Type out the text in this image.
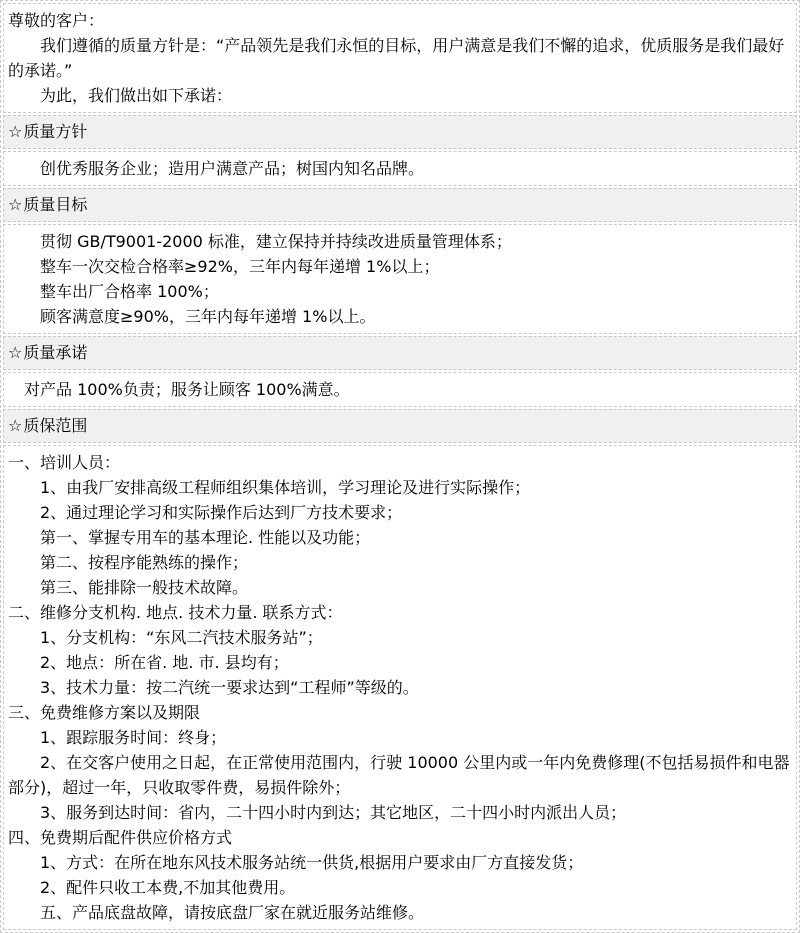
尊敬的客户：
我们遵循的质量方针是：“产品领先是我们永恒的目标，用户满意是我们不懈的追求，优质服务是我们最好的承诺。”
为此，我们做出如下承诺：
☆质量方针
创优秀服务企业；造用户满意产品；树国内知名品牌。
☆质量目标
贯彻 GB/T9001-2000 标准，建立保持并持续改进质量管理体系；
整车一次交检合格率≥92%，三年内每年递增 1%以上；
整车出厂合格率 100%；
顾客满意度≥90%，三年内每年递增 1%以上。
☆质量承诺
对产品 100%负责；服务让顾客 100%满意。
☆质保范围
一、培训人员：
1、由我厂安排高级工程师组织集体培训，学习理论及进行实际操作；
2、通过理论学习和实际操作后达到厂方技术要求；
第一、掌握专用车的基本理论. 性能以及功能；
第二、按程序能熟练的操作；
第三、能排除一般技术故障。
二、维修分支机构. 地点. 技术力量. 联系方式：
1、分支机构：“东风二汽技术服务站”；
2、地点：所在省. 地. 市. 县均有；
3、技术力量：按二汽统一要求达到“工程师”等级的。
三、免费维修方案以及期限
1、跟踪服务时间：终身；
2、在交客户使用之日起，在正常使用范围内，行驶 10000 公里内或一年内免费修理(不包括易损件和电器部分)，超过一年，只收取零件费，易损件除外；
3、服务到达时间：省内，二十四小时内到达；其它地区，二十四小时内派出人员；
四、免费期后配件供应价格方式
1、方式：在所在地东风技术服务站统一供货,根据用户要求由厂方直接发货；
2、配件只收工本费,不加其他费用。
五、产品底盘故障，请按底盘厂家在就近服务站维修。
